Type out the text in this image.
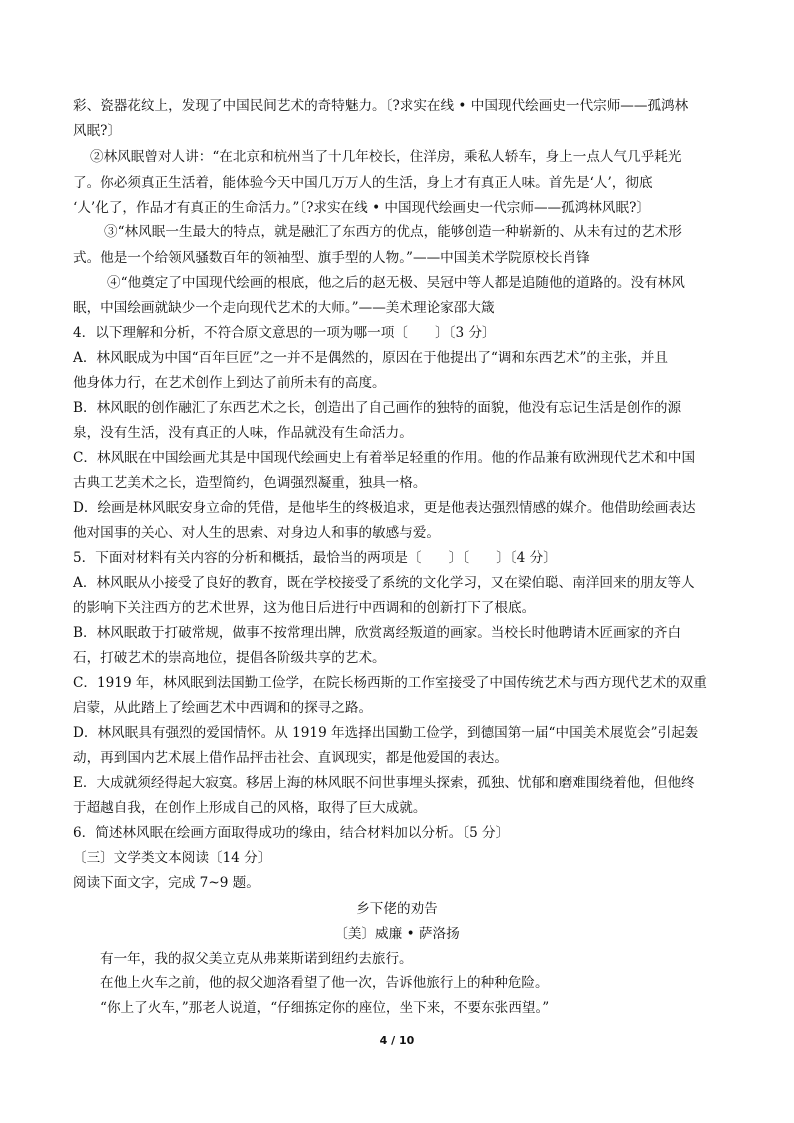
彩、瓷器花纹上，发现了中国民间艺术的奇特魅力。〔?求实在线 • 中国现代绘画史一代宗师——孤鸿林
风眠?〕
②林风眠曾对人讲：“在北京和杭州当了十几年校长，住洋房，乘私人轿车，身上一点人气几乎耗光
了。你必须真正生活着，能体验今天中国几万万人的生活，身上才有真正人味。首先是‘人’，彻底
‘人’化了，作品才有真正的生命活力。”〔?求实在线 • 中国现代绘画史一代宗师——孤鸿林风眠?〕
③“林风眠一生最大的特点，就是融汇了东西方的优点，能够创造一种崭新的、从未有过的艺术形
式。他是一个给领风骚数百年的领袖型、旗手型的人物。”——中国美术学院原校长肖锋
④“他奠定了中国现代绘画的根底，他之后的赵无极、吴冠中等人都是追随他的道路的。没有林风
眠，中国绘画就缺少一个走向现代艺术的大师。”——美术理论家邵大箴
4．以下理解和分析，不符合原文意思的一项为哪一项〔　　〕〔3 分〕
A．林风眠成为中国“百年巨匠”之一并不是偶然的，原因在于他提出了“调和东西艺术”的主张，并且
他身体力行，在艺术创作上到达了前所未有的高度。
B．林风眠的创作融汇了东西艺术之长，创造出了自己画作的独特的面貌，他没有忘记生活是创作的源
泉，没有生活，没有真正的人味，作品就没有生命活力。
C．林风眠在中国绘画尤其是中国现代绘画史上有着举足轻重的作用。他的作品兼有欧洲现代艺术和中国
古典工艺美术之长，造型简约，色调强烈凝重，独具一格。
D．绘画是林风眠安身立命的凭借，是他毕生的终极追求，更是他表达强烈情感的媒介。他借助绘画表达
他对国事的关心、对人生的思索、对身边人和事的敏感与爱。
5．下面对材料有关内容的分析和概括，最恰当的两项是〔　　〕〔　　〕〔4 分〕
A．林风眠从小接受了良好的教育，既在学校接受了系统的文化学习，又在梁伯聪、南洋回来的朋友等人
的影响下关注西方的艺术世界，这为他日后进行中西调和的创新打下了根底。
B．林风眠敢于打破常规，做事不按常理出牌，欣赏离经叛道的画家。当校长时他聘请木匠画家的齐白
石，打破艺术的崇高地位，提倡各阶级共享的艺术。
C．1919 年，林风眠到法国勤工俭学，在院长杨西斯的工作室接受了中国传统艺术与西方现代艺术的双重
启蒙，从此踏上了绘画艺术中西调和的探寻之路。
D．林风眠具有强烈的爱国情怀。从 1919 年选择出国勤工俭学，到德国第一届“中国美术展览会”引起轰
动，再到国内艺术展上借作品抨击社会、直讽现实，都是他爱国的表达。
E．大成就须经得起大寂寞。移居上海的林风眠不问世事埋头探索，孤独、忧郁和磨难围绕着他，但他终
于超越自我，在创作上形成自己的风格，取得了巨大成就。
6．简述林风眠在绘画方面取得成功的缘由，结合材料加以分析。〔5 分〕
〔三〕文学类文本阅读〔14 分〕
阅读下面文字，完成 7~9 题。
乡下佬的劝告
〔美〕威廉 • 萨洛扬
有一年，我的叔父美立克从弗莱斯诺到纽约去旅行。
在他上火车之前，他的叔父迦洛看望了他一次，告诉他旅行上的种种危险。
“你上了火车，”那老人说道，“仔细拣定你的座位，坐下来，不要东张西望。”
4 / 10
